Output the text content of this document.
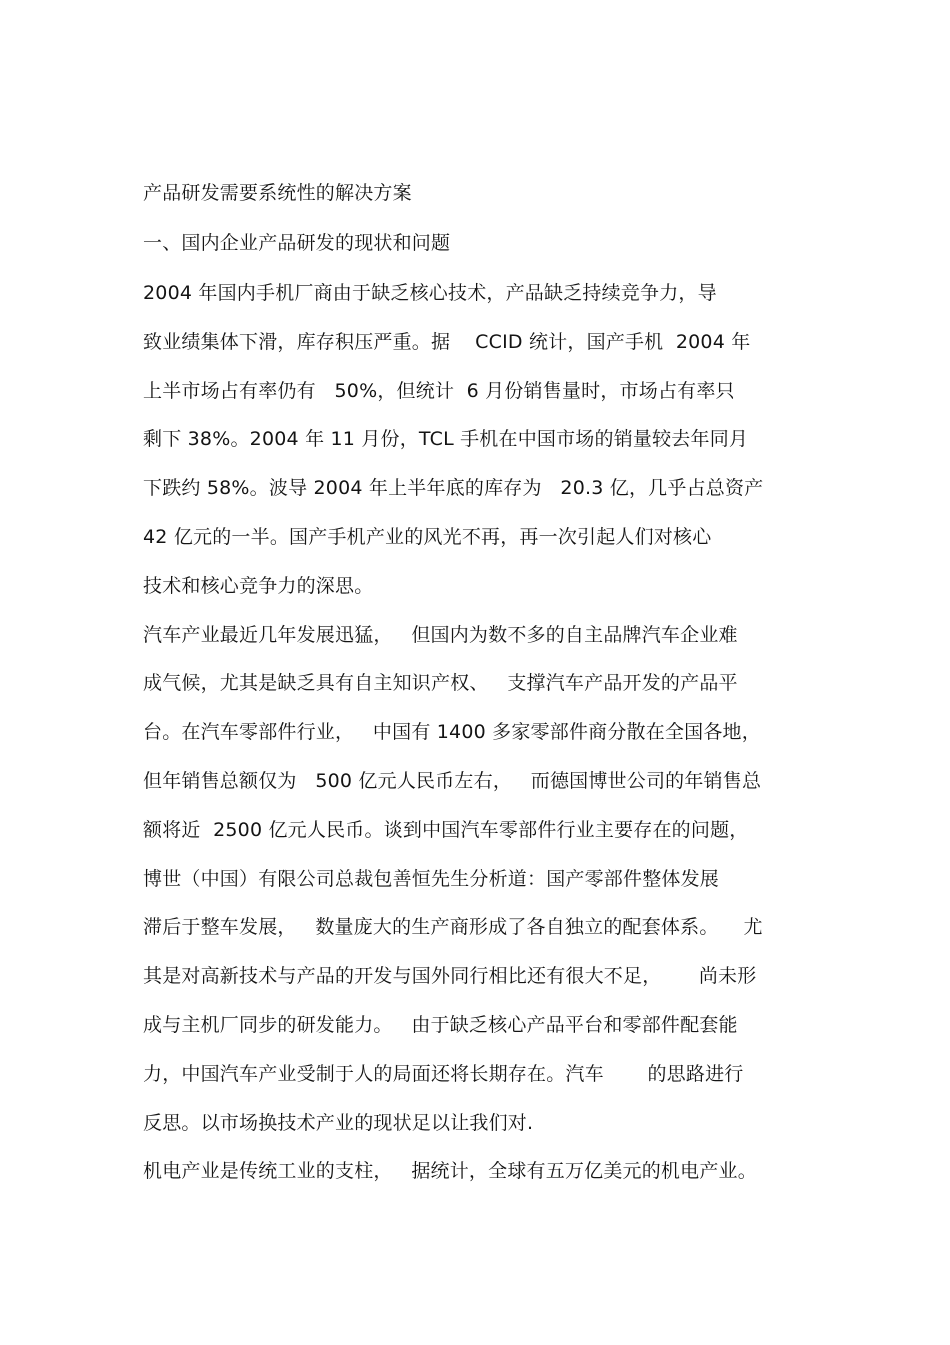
产品研发需要系统性的解决方案
一、国内企业产品研发的现状和问题
2004 年国内手机厂商由于缺乏核心技术，产品缺乏持续竞争力，导
致业绩集体下滑，库存积压严重。据    CCID 统计，国产手机  2004 年
上半市场占有率仍有   50%，但统计  6 月份销售量时，市场占有率只
剩下 38%。2004 年 11 月份，TCL 手机在中国市场的销量较去年同月
下跌约 58%。波导 2004 年上半年底的库存为   20.3 亿，几乎占总资产
42 亿元的一半。国产手机产业的风光不再，再一次引起人们对核心
技术和核心竞争力的深思。
汽车产业最近几年发展迅猛，   但国内为数不多的自主品牌汽车企业难
成气候，尤其是缺乏具有自主知识产权、   支撑汽车产品开发的产品平
台。在汽车零部件行业，   中国有 1400 多家零部件商分散在全国各地，
但年销售总额仅为   500 亿元人民币左右，   而德国博世公司的年销售总
额将近  2500 亿元人民币。谈到中国汽车零部件行业主要存在的问题，
博世（中国）有限公司总裁包善恒先生分析道：国产零部件整体发展
滞后于整车发展，   数量庞大的生产商形成了各自独立的配套体系。    尤
其是对高新技术与产品的开发与国外同行相比还有很大不足，      尚未形
成与主机厂同步的研发能力。   由于缺乏核心产品平台和零部件配套能
力，中国汽车产业受制于人的局面还将长期存在。汽车       的思路进行
反思。以市场换技术产业的现状足以让我们对.
机电产业是传统工业的支柱，   据统计，全球有五万亿美元的机电产业。
